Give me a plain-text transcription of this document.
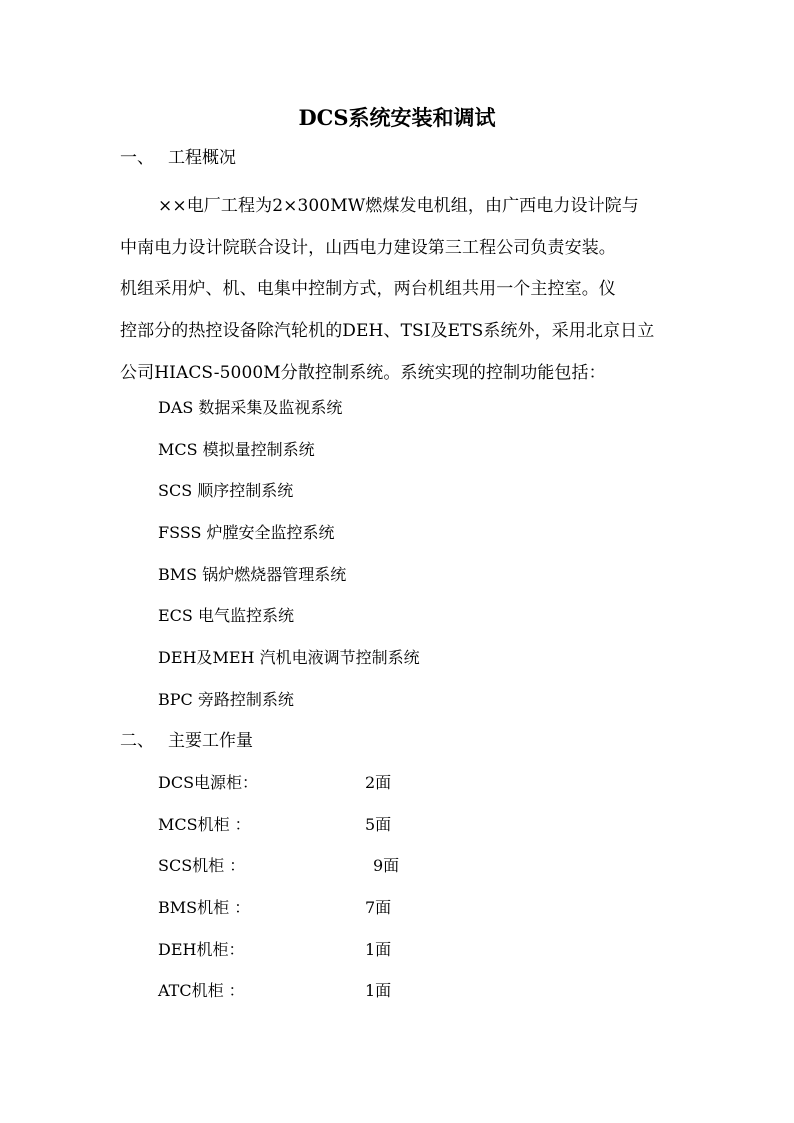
DCS系统安装和调试
一、 工程概况
××电厂工程为2×300MW燃煤发电机组，由广西电力设计院与
中南电力设计院联合设计，山西电力建设第三工程公司负责安装。
机组采用炉、机、电集中控制方式，两台机组共用一个主控室。仪
控部分的热控设备除汽轮机的DEH、TSI及ETS系统外，采用北京日立
公司HIACS-5000M分散控制系统。系统实现的控制功能包括：
DAS 数据采集及监视系统
MCS 模拟量控制系统
SCS 顺序控制系统
FSSS 炉膛安全监控系统
BMS 锅炉燃烧器管理系统
ECS 电气监控系统
DEH及MEH 汽机电液调节控制系统
BPC 旁路控制系统
二、 主要工作量
DCS电源柜：	2面
MCS机柜 ：	5面
SCS机柜 ：	9面
BMS机柜 ：	7面
DEH机柜：	1面
ATC机柜 ：	1面
